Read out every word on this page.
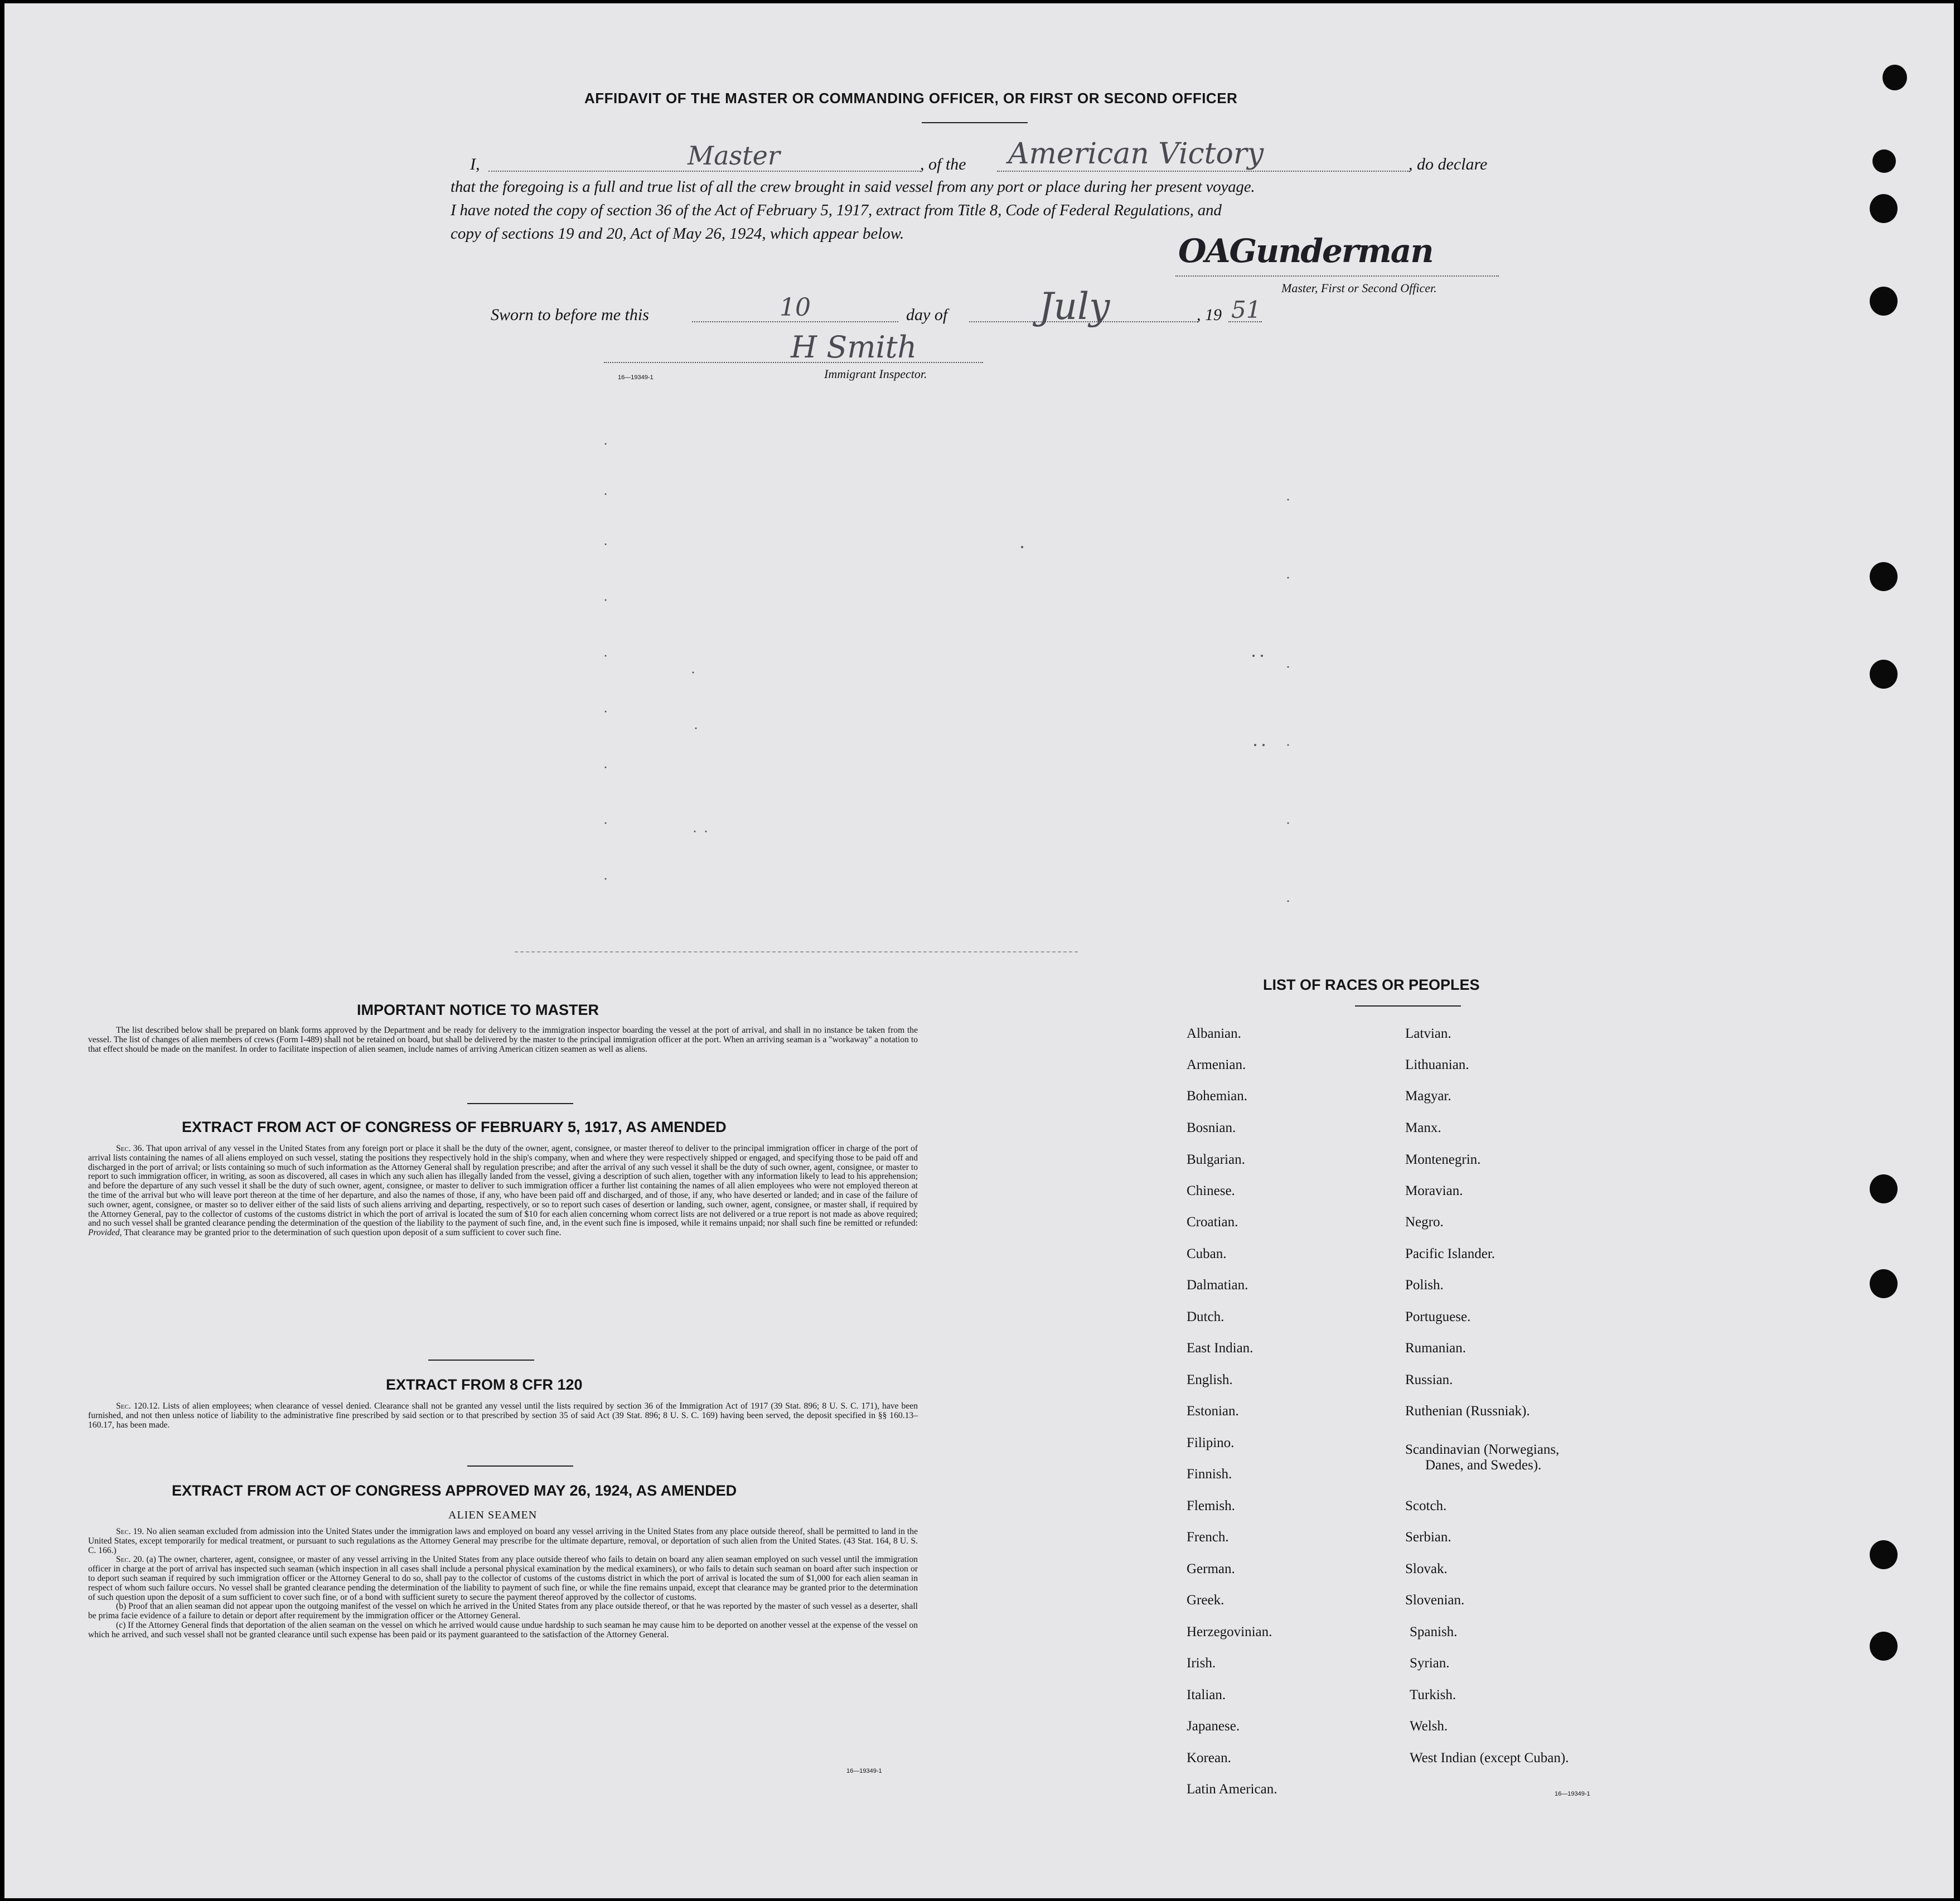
AFFIDAVIT OF THE MASTER OR COMMANDING OFFICER, OR FIRST OR SECOND OFFICER
I,	Master	, of the American Victory	, do declare
that the foregoing is a full and true list of all the crew brought in said vessel from any port or place during her present voyage.
I have noted the copy of section 36 of the Act of February 5, 1917, extract from Title 8, Code of Federal Regulations, and
copy of sections 19 and 20, Act of May 26, 1924, which appear below.	OAGunderman
Master, First or Second Officer.
Sworn to before me this	10	day of July	, 19 51
H Smith
Immigrant Inspector.
16—19349-1
IMPORTANT NOTICE TO MASTER
The list described below shall be prepared on blank forms approved by the Department and be ready for delivery to the immigration inspector boarding the vessel at the port of arrival, and shall in no instance be taken from the vessel. The list of changes of alien members of crews (Form I-489) shall not be retained on board, but shall be delivered by the master to the principal immigration officer at the port. When an arriving seaman is a "workaway" a notation to that effect should be made on the manifest. In order to facilitate inspection of alien seamen, include names of arriving American citizen seamen as well as aliens.
EXTRACT FROM ACT OF CONGRESS OF FEBRUARY 5, 1917, AS AMENDED
Sec. 36. That upon arrival of any vessel in the United States from any foreign port or place it shall be the duty of the owner, agent, consignee, or master thereof to deliver to the principal immigration officer in charge of the port of arrival lists containing the names of all aliens employed on such vessel, stating the positions they respectively hold in the ship's company, when and where they were respectively shipped or engaged, and specifying those to be paid off and discharged in the port of arrival; or lists containing so much of such information as the Attorney General shall by regulation prescribe; and after the arrival of any such vessel it shall be the duty of such owner, agent, consignee, or master to report to such immigration officer, in writing, as soon as discovered, all cases in which any such alien has illegally landed from the vessel, giving a description of such alien, together with any information likely to lead to his apprehension; and before the departure of any such vessel it shall be the duty of such owner, agent, consignee, or master to deliver to such immigration officer a further list containing the names of all alien employees who were not employed thereon at the time of the arrival but who will leave port thereon at the time of her departure, and also the names of those, if any, who have been paid off and discharged, and of those, if any, who have deserted or landed; and in case of the failure of such owner, agent, consignee, or master so to deliver either of the said lists of such aliens arriving and departing, respectively, or so to report such cases of desertion or landing, such owner, agent, consignee, or master shall, if required by the Attorney General, pay to the collector of customs of the customs district in which the port of arrival is located the sum of $10 for each alien concerning whom correct lists are not delivered or a true report is not made as above required; and no such vessel shall be granted clearance pending the determination of the question of the liability to the payment of such fine, and, in the event such fine is imposed, while it remains unpaid; nor shall such fine be remitted or refunded: Provided, That clearance may be granted prior to the determination of such question upon deposit of a sum sufficient to cover such fine.
EXTRACT FROM 8 CFR 120
Sec. 120.12. Lists of alien employees; when clearance of vessel denied. Clearance shall not be granted any vessel until the lists required by section 36 of the Immigration Act of 1917 (39 Stat. 896; 8 U. S. C. 171), have been furnished, and not then unless notice of liability to the administrative fine prescribed by said section or to that prescribed by section 35 of said Act (39 Stat. 896; 8 U. S. C. 169) having been served, the deposit specified in §§ 160.13–160.17, has been made.
EXTRACT FROM ACT OF CONGRESS APPROVED MAY 26, 1924, AS AMENDED
ALIEN SEAMEN
Sec. 19. No alien seaman excluded from admission into the United States under the immigration laws and employed on board any vessel arriving in the United States from any place outside thereof, shall be permitted to land in the United States, except temporarily for medical treatment, or pursuant to such regulations as the Attorney General may prescribe for the ultimate departure, removal, or deportation of such alien from the United States. (43 Stat. 164, 8 U. S. C. 166.)
Sec. 20. (a) The owner, charterer, agent, consignee, or master of any vessel arriving in the United States from any place outside thereof who fails to detain on board any alien seaman employed on such vessel until the immigration officer in charge at the port of arrival has inspected such seaman (which inspection in all cases shall include a personal physical examination by the medical examiners), or who fails to detain such seaman on board after such inspection or to deport such seaman if required by such immigration officer or the Attorney General to do so, shall pay to the collector of customs of the customs district in which the port of arrival is located the sum of $1,000 for each alien seaman in respect of whom such failure occurs. No vessel shall be granted clearance pending the determination of the liability to payment of such fine, or while the fine remains unpaid, except that clearance may be granted prior to the determination of such question upon the deposit of a sum sufficient to cover such fine, or of a bond with sufficient surety to secure the payment thereof approved by the collector of customs.
(b) Proof that an alien seaman did not appear upon the outgoing manifest of the vessel on which he arrived in the United States from any place outside thereof, or that he was reported by the master of such vessel as a deserter, shall be prima facie evidence of a failure to detain or deport after requirement by the immigration officer or the Attorney General.
(c) If the Attorney General finds that deportation of the alien seaman on the vessel on which he arrived would cause undue hardship to such seaman he may cause him to be deported on another vessel at the expense of the vessel on which he arrived, and such vessel shall not be granted clearance until such expense has been paid or its payment guaranteed to the satisfaction of the Attorney General.
16—19349-1
LIST OF RACES OR PEOPLES
Albanian.
Armenian.
Bohemian.
Bosnian.
Bulgarian.
Chinese.
Croatian.
Cuban.
Dalmatian.
Dutch.
East Indian.
English.
Estonian.
Filipino.
Finnish.
Flemish.
French.
German.
Greek.
Herzegovinian.
Irish.
Italian.
Japanese.
Korean.
Latin American.
Latvian.
Lithuanian.
Magyar.
Manx.
Montenegrin.
Moravian.
Negro.
Pacific Islander.
Polish.
Portuguese.
Rumanian.
Russian.
Ruthenian (Russniak).
Scandinavian (Norwegians,
Danes, and Swedes).
Scotch.
Serbian.
Slovak.
Slovenian.
Spanish.
Syrian.
Turkish.
Welsh.
West Indian (except Cuban).
16—19349-1
